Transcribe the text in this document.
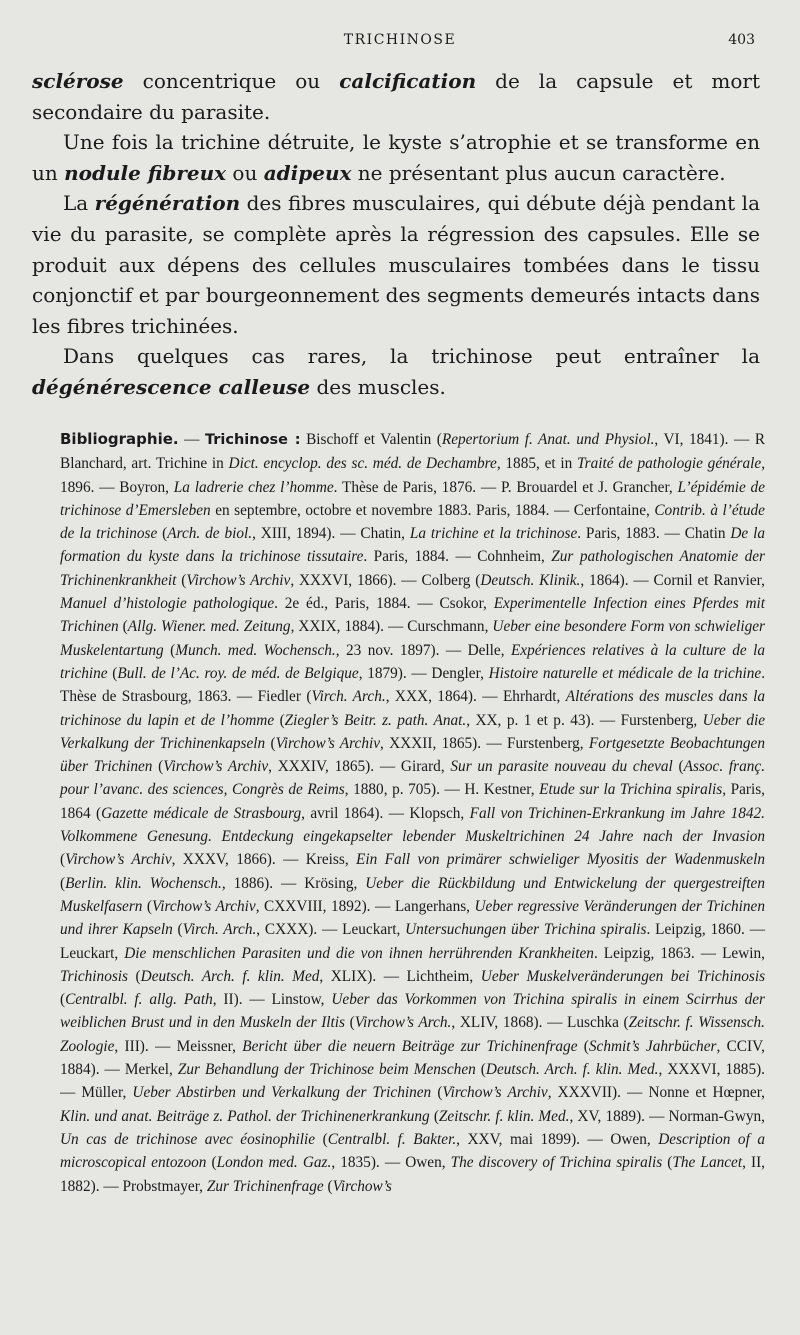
TRICHINOSE	403

sclérose concentrique ou calcification de la capsule et mort secondaire du parasite.

Une fois la trichine détruite, le kyste s’atrophie et se transforme en un nodule fibreux ou adipeux ne présentant plus aucun caractère.

La régénération des fibres musculaires, qui débute déjà pendant la vie du parasite, se complète après la régression des capsules. Elle se produit aux dépens des cellules musculaires tombées dans le tissu conjonctif et par bourgeonnement des segments demeurés intacts dans les fibres trichinées.

Dans quelques cas rares, la trichinose peut entraîner la dégénérescence calleuse des muscles.

Bibliographie. — Trichinose : Bischoff et Valentin (Repertorium f. Anat. und Physiol., VI, 1841). — R Blanchard, art. Trichine in Dict. encyclop. des sc. méd. de Dechambre, 1885, et in Traité de pathologie générale, 1896. — Boyron, La ladrerie chez l’homme. Thèse de Paris, 1876. — P. Brouardel et J. Grancher, L’épidémie de trichinose d’Emersleben en septembre, octobre et novembre 1883. Paris, 1884. — Cerfontaine, Contrib. à l’étude de la trichinose (Arch. de biol., XIII, 1894). — Chatin, La trichine et la trichinose. Paris, 1883. — Chatin De la formation du kyste dans la trichinose tissutaire. Paris, 1884. — Cohnheim, Zur pathologischen Anatomie der Trichinenkrankheit (Virchow’s Archiv, XXXVI, 1866). — Colberg (Deutsch. Klinik., 1864). — Cornil et Ranvier, Manuel d’histologie pathologique. 2e éd., Paris, 1884. — Csokor, Experimentelle Infection eines Pferdes mit Trichinen (Allg. Wiener. med. Zeitung, XXIX, 1884). — Curschmann, Ueber eine besondere Form von schwieliger Muskelentartung (Munch. med. Wochensch., 23 nov. 1897). — Delle, Expériences relatives à la culture de la trichine (Bull. de l’Ac. roy. de méd. de Belgique, 1879). — Dengler, Histoire naturelle et médicale de la trichine. Thèse de Strasbourg, 1863. — Fiedler (Virch. Arch., XXX, 1864). — Ehrhardt, Altérations des muscles dans la trichinose du lapin et de l’homme (Ziegler’s Beitr. z. path. Anat., XX, p. 1 et p. 43). — Furstenberg, Ueber die Verkalkung der Trichinenkapseln (Virchow’s Archiv, XXXII, 1865). — Furstenberg, Fortgesetzte Beobachtungen über Trichinen (Virchow’s Archiv, XXXIV, 1865). — Girard, Sur un parasite nouveau du cheval (Assoc. franç. pour l’avanc. des sciences, Congrès de Reims, 1880, p. 705). — H. Kestner, Etude sur la Trichina spiralis, Paris, 1864 (Gazette médicale de Strasbourg, avril 1864). — Klopsch, Fall von Trichinen-Erkrankung im Jahre 1842. Volkommene Genesung. Entdeckung eingekapselter lebender Muskeltrichinen 24 Jahre nach der Invasion (Virchow’s Archiv, XXXV, 1866). — Kreiss, Ein Fall von primärer schwieliger Myositis der Wadenmuskeln (Berlin. klin. Wochensch., 1886). — Krösing, Ueber die Rückbildung und Entwickelung der quergestreiften Muskelfasern (Virchow’s Archiv, CXXVIII, 1892). — Langerhans, Ueber regressive Veränderungen der Trichinen und ihrer Kapseln (Virch. Arch., CXXX). — Leuckart, Untersuchungen über Trichina spiralis. Leipzig, 1860. — Leuckart, Die menschlichen Parasiten und die von ihnen herrührenden Krankheiten. Leipzig, 1863. — Lewin, Trichinosis (Deutsch. Arch. f. klin. Med, XLIX). — Lichtheim, Ueber Muskelveränderungen bei Trichinosis (Centralbl. f. allg. Path, II). — Linstow, Ueber das Vorkommen von Trichina spiralis in einem Scirrhus der weiblichen Brust und in den Muskeln der Iltis (Virchow’s Arch., XLIV, 1868). — Luschka (Zeitschr. f. Wissensch. Zoologie, III). — Meissner, Bericht über die neuern Beiträge zur Trichinenfrage (Schmit’s Jahrbücher, CCIV, 1884). — Merkel, Zur Behandlung der Trichinose beim Menschen (Deutsch. Arch. f. klin. Med., XXXVI, 1885). — Müller, Ueber Abstirben und Verkalkung der Trichinen (Virchow’s Archiv, XXXVII). — Nonne et Hœpner, Klin. und anat. Beiträge z. Pathol. der Trichinenerkrankung (Zeitschr. f. klin. Med., XV, 1889). — Norman-Gwyn, Un cas de trichinose avec éosinophilie (Centralbl. f. Bakter., XXV, mai 1899). — Owen, Description of a microscopical entozoon (London med. Gaz., 1835). — Owen, The discovery of Trichina spiralis (The Lancet, II, 1882). — Probstmayer, Zur Trichinenfrage (Virchow’s
